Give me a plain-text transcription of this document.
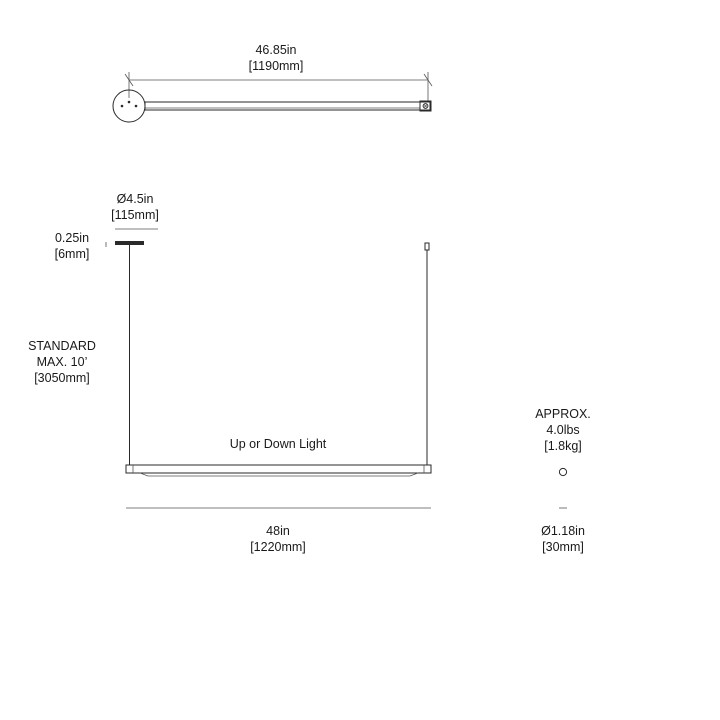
46.85in
[1190mm]
Ø4.5in
[115mm]
0.25in
[6mm]
STANDARD
MAX. 10’
[3050mm]
Up or Down Light
48in
[1220mm]
APPROX.
4.0lbs
[1.8kg]
Ø1.18in
[30mm]
